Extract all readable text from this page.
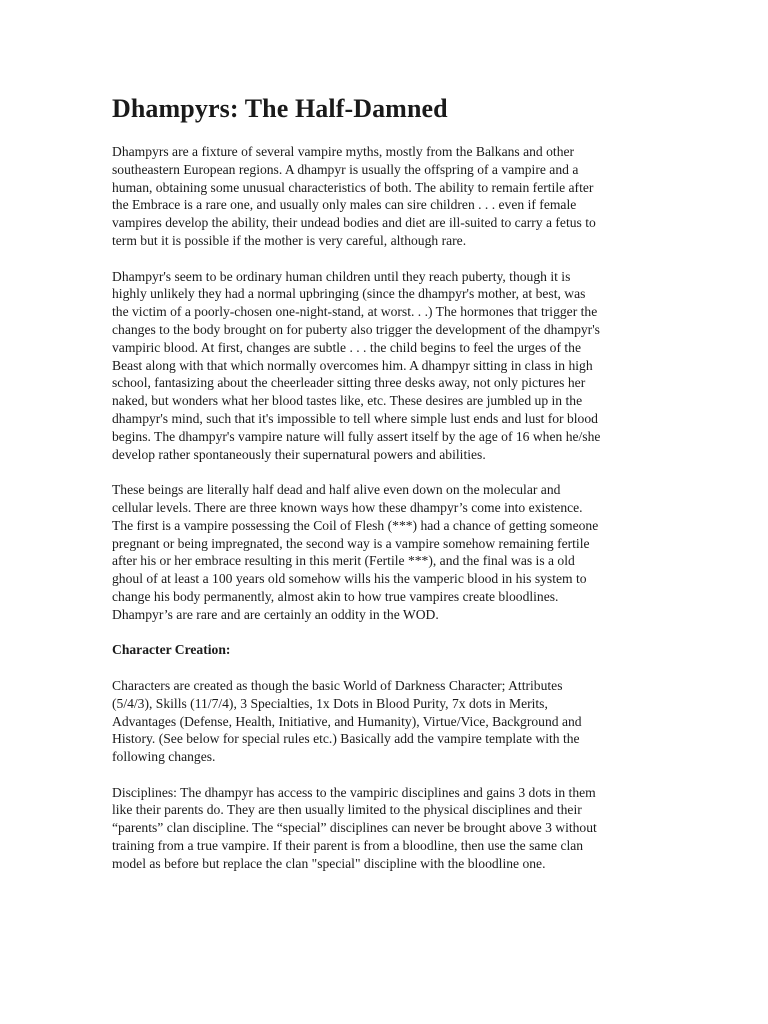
Dhampyrs: The Half-Damned

Dhampyrs are a fixture of several vampire myths, mostly from the Balkans and other
southeastern European regions. A dhampyr is usually the offspring of a vampire and a
human, obtaining some unusual characteristics of both. The ability to remain fertile after
the Embrace is a rare one, and usually only males can sire children . . . even if female
vampires develop the ability, their undead bodies and diet are ill-suited to carry a fetus to
term but it is possible if the mother is very careful, although rare.

Dhampyr's seem to be ordinary human children until they reach puberty, though it is
highly unlikely they had a normal upbringing (since the dhampyr's mother, at best, was
the victim of a poorly-chosen one-night-stand, at worst. . .) The hormones that trigger the
changes to the body brought on for puberty also trigger the development of the dhampyr's
vampiric blood. At first, changes are subtle . . . the child begins to feel the urges of the
Beast along with that which normally overcomes him. A dhampyr sitting in class in high
school, fantasizing about the cheerleader sitting three desks away, not only pictures her
naked, but wonders what her blood tastes like, etc. These desires are jumbled up in the
dhampyr's mind, such that it's impossible to tell where simple lust ends and lust for blood
begins. The dhampyr's vampire nature will fully assert itself by the age of 16 when he/she
develop rather spontaneously their supernatural powers and abilities.

These beings are literally half dead and half alive even down on the molecular and
cellular levels. There are three known ways how these dhampyr’s come into existence.
The first is a vampire possessing the Coil of Flesh (***) had a chance of getting someone
pregnant or being impregnated, the second way is a vampire somehow remaining fertile
after his or her embrace resulting in this merit (Fertile ***), and the final was is a old
ghoul of at least a 100 years old somehow wills his the vamperic blood in his system to
change his body permanently, almost akin to how true vampires create bloodlines.
Dhampyr’s are rare and are certainly an oddity in the WOD.

Character Creation:

Characters are created as though the basic World of Darkness Character; Attributes
(5/4/3), Skills (11/7/4), 3 Specialties, 1x Dots in Blood Purity, 7x dots in Merits,
Advantages (Defense, Health, Initiative, and Humanity), Virtue/Vice, Background and
History. (See below for special rules etc.) Basically add the vampire template with the
following changes.

Disciplines: The dhampyr has access to the vampiric disciplines and gains 3 dots in them
like their parents do. They are then usually limited to the physical disciplines and their
“parents” clan discipline. The “special” disciplines can never be brought above 3 without
training from a true vampire. If their parent is from a bloodline, then use the same clan
model as before but replace the clan "special" discipline with the bloodline one.
